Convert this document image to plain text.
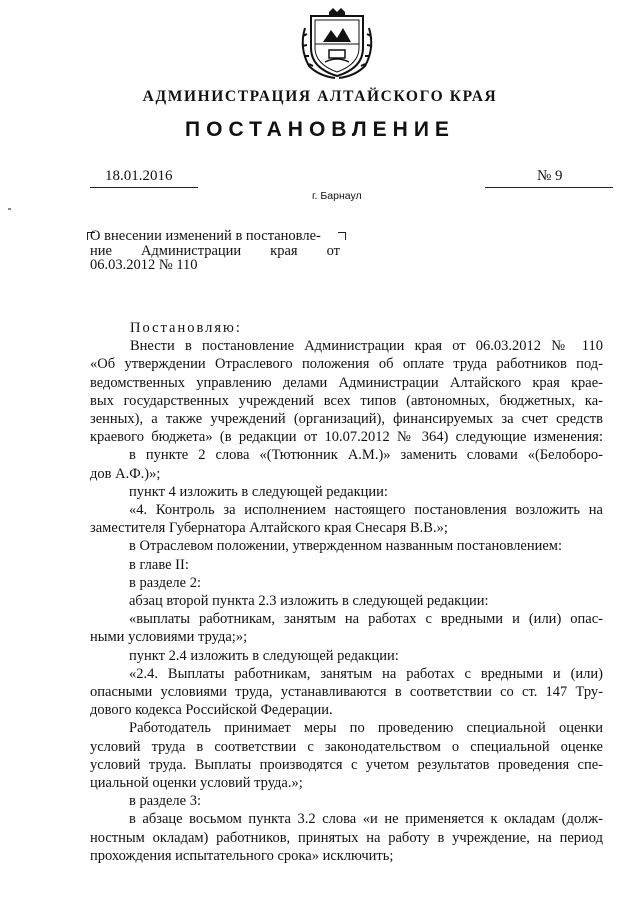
АДМИНИСТРАЦИЯ АЛТАЙСКОГО КРАЯ
ПОСТАНОВЛЕНИЕ
18.01.2016	№ 9
г. Барнаул
О внесении изменений в постановле-
ние Администрации края от
06.03.2012 № 110
Постановляю:
Внести в постановление Администрации края от 06.03.2012 № 110
«Об утверждении Отраслевого положения об оплате труда работников под-
ведомственных управлению делами Администрации Алтайского края крае-
вых государственных учреждений всех типов (автономных, бюджетных, ка-
зенных), а также учреждений (организаций), финансируемых за счет средств
краевого бюджета» (в редакции от 10.07.2012 № 364) следующие изменения:
в пункте 2 слова «(Тютюнник А.М.)» заменить словами «(Белоборо-
дов А.Ф.)»;
пункт 4 изложить в следующей редакции:
«4. Контроль за исполнением настоящего постановления возложить на
заместителя Губернатора Алтайского края Снесаря В.В.»;
в Отраслевом положении, утвержденном названным постановлением:
в главе II:
в разделе 2:
абзац второй пункта 2.3 изложить в следующей редакции:
«выплаты работникам, занятым на работах с вредными и (или) опас-
ными условиями труда;»;
пункт 2.4 изложить в следующей редакции:
«2.4. Выплаты работникам, занятым на работах с вредными и (или)
опасными условиями труда, устанавливаются в соответствии со ст. 147 Тру-
дового кодекса Российской Федерации.
Работодатель принимает меры по проведению специальной оценки
условий труда в соответствии с законодательством о специальной оценке
условий труда. Выплаты производятся с учетом результатов проведения спе-
циальной оценки условий труда.»;
в разделе 3:
в абзаце восьмом пункта 3.2 слова «и не применяется к окладам (долж-
ностным окладам) работников, принятых на работу в учреждение, на период
прохождения испытательного срока» исключить;
